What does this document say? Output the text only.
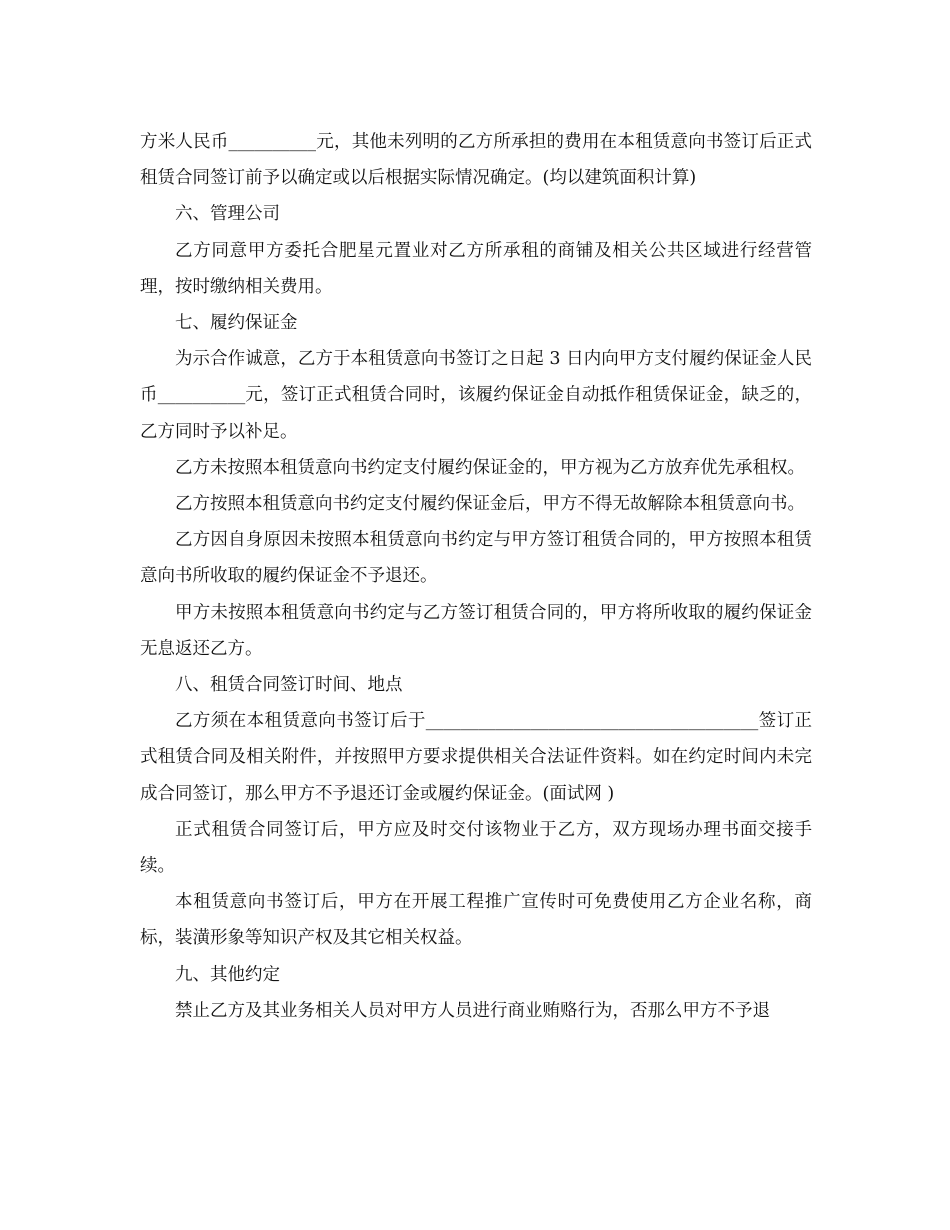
方米人民币__________元，其他未列明的乙方所承担的费用在本租赁意向书签订后正式租赁合同签订前予以确定或以后根据实际情况确定。(均以建筑面积计算)

六、管理公司

乙方同意甲方委托合肥星元置业对乙方所承租的商铺及相关公共区域进行经营管理，按时缴纳相关费用。

七、履约保证金

为示合作诚意，乙方于本租赁意向书签订之日起 3 日内向甲方支付履约保证金人民币__________元，签订正式租赁合同时，该履约保证金自动抵作租赁保证金，缺乏的，乙方同时予以补足。

乙方未按照本租赁意向书约定支付履约保证金的，甲方视为乙方放弃优先承租权。

乙方按照本租赁意向书约定支付履约保证金后，甲方不得无故解除本租赁意向书。

乙方因自身原因未按照本租赁意向书约定与甲方签订租赁合同的，甲方按照本租赁意向书所收取的履约保证金不予退还。

甲方未按照本租赁意向书约定与乙方签订租赁合同的，甲方将所收取的履约保证金无息返还乙方。

八、租赁合同签订时间、地点

乙方须在本租赁意向书签订后于______________________________________签订正式租赁合同及相关附件，并按照甲方要求提供相关合法证件资料。如在约定时间内未完成合同签订，那么甲方不予退还订金或履约保证金。(面试网 )

正式租赁合同签订后，甲方应及时交付该物业于乙方，双方现场办理书面交接手续。

本租赁意向书签订后，甲方在开展工程推广宣传时可免费使用乙方企业名称，商标，装潢形象等知识产权及其它相关权益。

九、其他约定

禁止乙方及其业务相关人员对甲方人员进行商业贿赂行为，否那么甲方不予退
